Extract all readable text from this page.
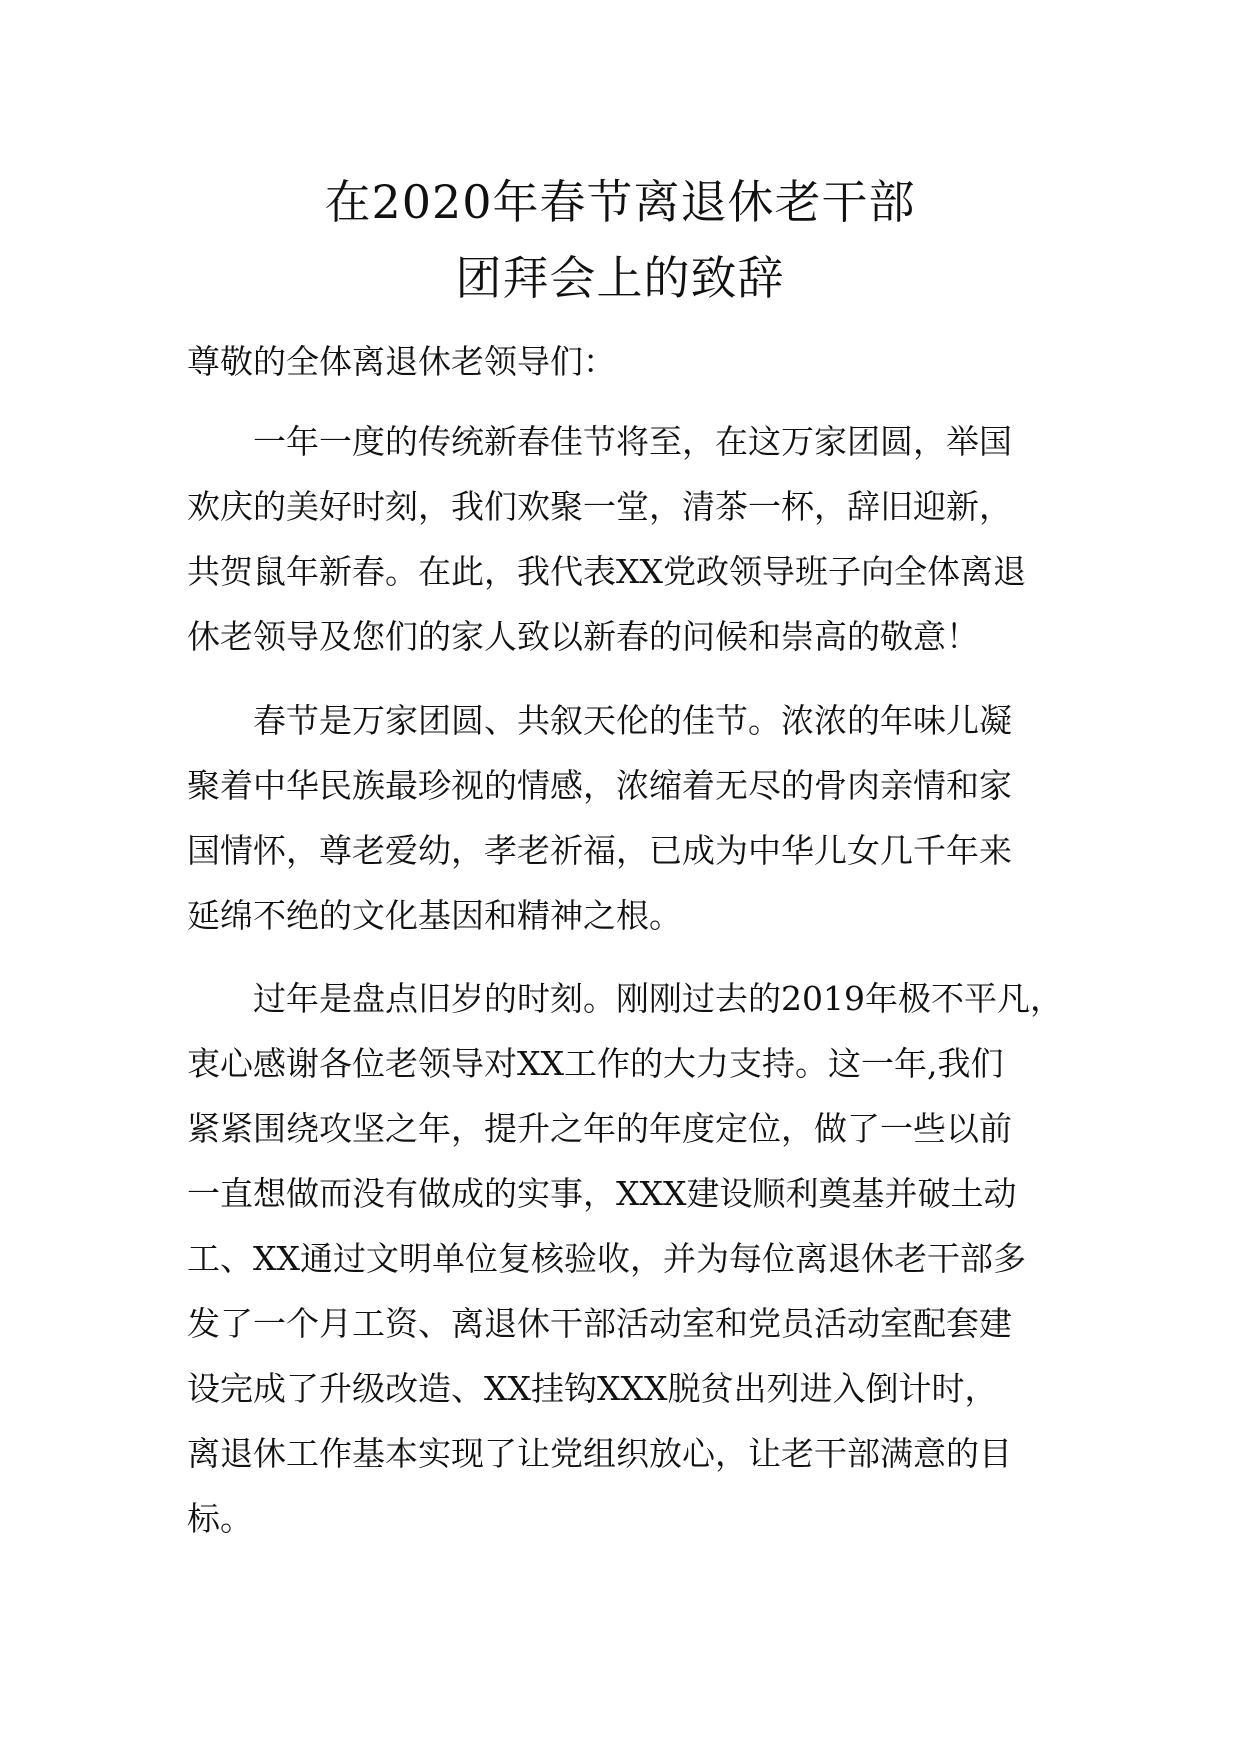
在2020年春节离退休老干部
团拜会上的致辞
尊敬的全体离退休老领导们：
一年一度的传统新春佳节将至，在这万家团圆，举国
欢庆的美好时刻，我们欢聚一堂，清茶一杯，辞旧迎新，
共贺鼠年新春。在此，我代表XX党政领导班子向全体离退
休老领导及您们的家人致以新春的问候和崇高的敬意！
春节是万家团圆、共叙天伦的佳节。浓浓的年味儿凝
聚着中华民族最珍视的情感，浓缩着无尽的骨肉亲情和家
国情怀，尊老爱幼，孝老祈福，已成为中华儿女几千年来
延绵不绝的文化基因和精神之根。
过年是盘点旧岁的时刻。刚刚过去的2019年极不平凡，
衷心感谢各位老领导对XX工作的大力支持。这一年,我们
紧紧围绕攻坚之年，提升之年的年度定位，做了一些以前
一直想做而没有做成的实事，XXX建设顺利奠基并破土动
工、XX通过文明单位复核验收，并为每位离退休老干部多
发了一个月工资、离退休干部活动室和党员活动室配套建
设完成了升级改造、XX挂钩XXX脱贫出列进入倒计时，
离退休工作基本实现了让党组织放心，让老干部满意的目
标。
